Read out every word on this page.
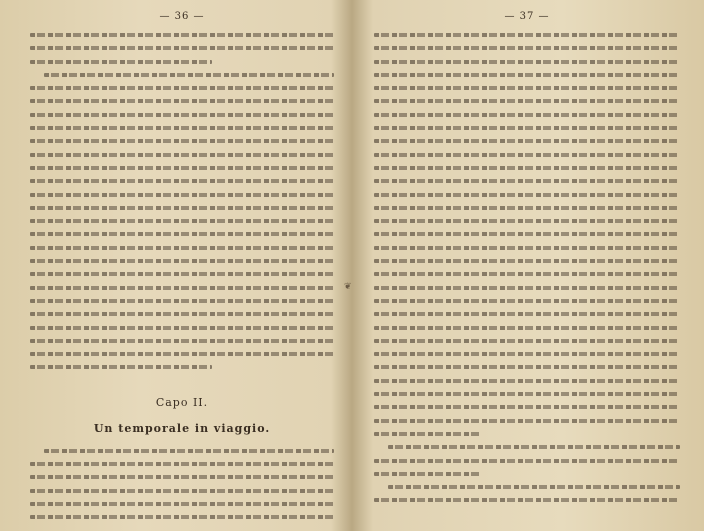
— 36 —
Capo II.
Un temporale in viaggio.
❦
— 37 —
